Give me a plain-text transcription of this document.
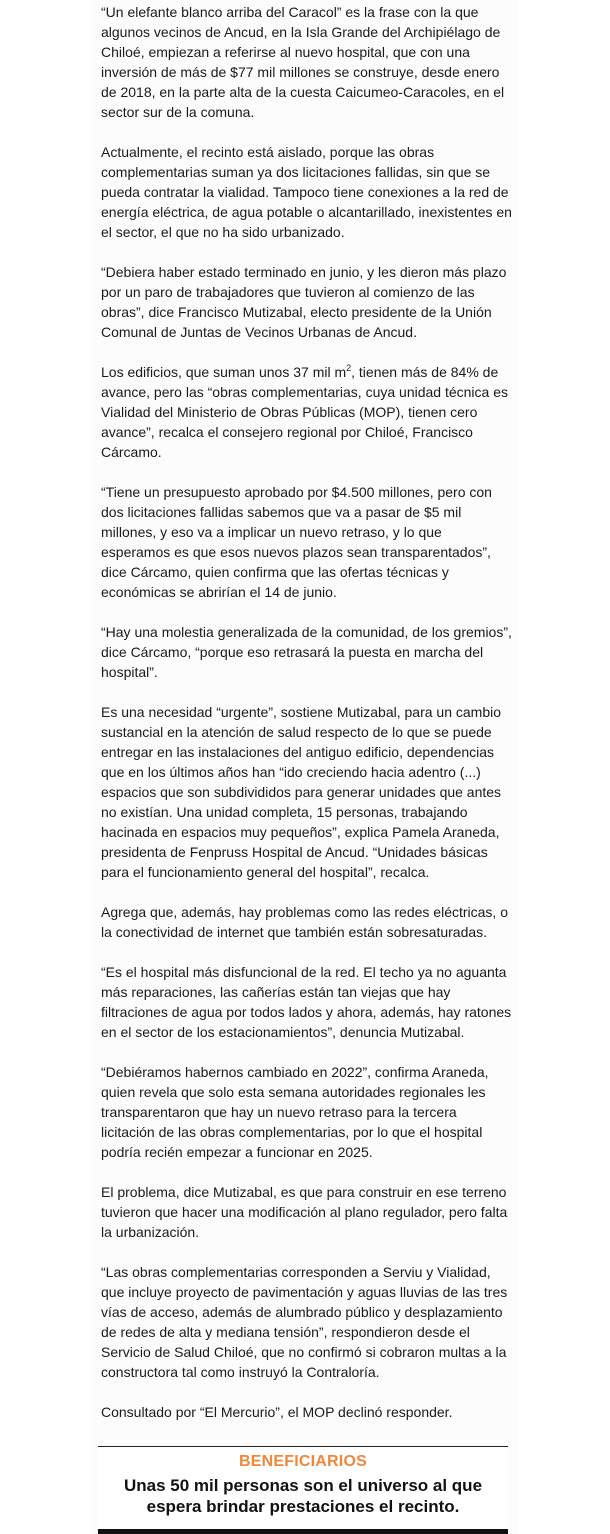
“Un elefante blanco arriba del Caracol” es la frase con la que algunos vecinos de Ancud, en la Isla Grande del Archipiélago de Chiloé, empiezan a referirse al nuevo hospital, que con una inversión de más de $77 mil millones se construye, desde enero de 2018, en la parte alta de la cuesta Caicumeo-Caracoles, en el sector sur de la comuna.

Actualmente, el recinto está aislado, porque las obras complementarias suman ya dos licitaciones fallidas, sin que se pueda contratar la vialidad. Tampoco tiene conexiones a la red de energía eléctrica, de agua potable o alcantarillado, inexistentes en el sector, el que no ha sido urbanizado.

“Debiera haber estado terminado en junio, y les dieron más plazo por un paro de trabajadores que tuvieron al comienzo de las obras”, dice Francisco Mutizabal, electo presidente de la Unión Comunal de Juntas de Vecinos Urbanas de Ancud.

Los edificios, que suman unos 37 mil $m^2$, tienen más de 84% de avance, pero las “obras complementarias, cuya unidad técnica es Vialidad del Ministerio de Obras Públicas (MOP), tienen cero avance”, recalca el consejero regional por Chiloé, Francisco Cárcamo.

“Tiene un presupuesto aprobado por $4.500 millones, pero con dos licitaciones fallidas sabemos que va a pasar de $5 mil millones, y eso va a implicar un nuevo retraso, y lo que esperamos es que esos nuevos plazos sean transparentados”, dice Cárcamo, quien confirma que las ofertas técnicas y económicas se abrirían el 14 de junio.

“Hay una molestia generalizada de la comunidad, de los gremios”, dice Cárcamo, “porque eso retrasará la puesta en marcha del hospital”.

Es una necesidad “urgente”, sostiene Mutizabal, para un cambio sustancial en la atención de salud respecto de lo que se puede entregar en las instalaciones del antiguo edificio, dependencias que en los últimos años han “ido creciendo hacia adentro (...) espacios que son subdivididos para generar unidades que antes no existían. Una unidad completa, 15 personas, trabajando hacinada en espacios muy pequeños”, explica Pamela Araneda, presidenta de Fenpruss Hospital de Ancud. “Unidades básicas para el funcionamiento general del hospital”, recalca.

Agrega que, además, hay problemas como las redes eléctricas, o la conectividad de internet que también están sobresaturadas.

“Es el hospital más disfuncional de la red. El techo ya no aguanta más reparaciones, las cañerías están tan viejas que hay filtraciones de agua por todos lados y ahora, además, hay ratones en el sector de los estacionamientos”, denuncia Mutizabal.

“Debiéramos habernos cambiado en 2022”, confirma Araneda, quien revela que solo esta semana autoridades regionales les transparentaron que hay un nuevo retraso para la tercera licitación de las obras complementarias, por lo que el hospital podría recién empezar a funcionar en 2025.

El problema, dice Mutizabal, es que para construir en ese terreno tuvieron que hacer una modificación al plano regulador, pero falta la urbanización.

“Las obras complementarias corresponden a Serviu y Vialidad, que incluye proyecto de pavimentación y aguas lluvias de las tres vías de acceso, además de alumbrado público y desplazamiento de redes de alta y mediana tensión”, respondieron desde el Servicio de Salud Chiloé, que no confirmó si cobraron multas a la constructora tal como instruyó la Contraloría.

Consultado por “El Mercurio”, el MOP declinó responder.

BENEFICIARIOS
Unas 50 mil personas son el universo al que espera brindar prestaciones el recinto.
